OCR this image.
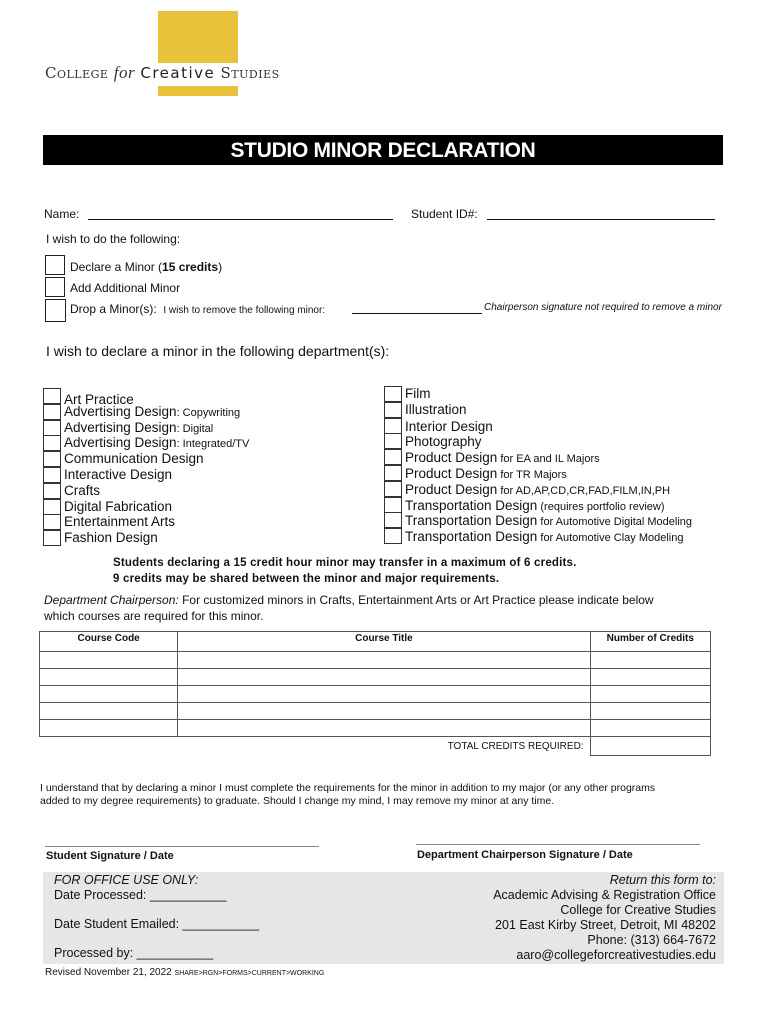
College for Creative Studies
STUDIO MINOR DECLARATION
Name:	Student ID#:
I wish to do the following:
Declare a Minor (15 credits)
Add Additional Minor
Drop a Minor(s): I wish to remove the following minor:	Chairperson signature not required to remove a minor
I wish to declare a minor in the following department(s):
Art Practice
Advertising Design: Copywriting
Advertising Design: Digital
Advertising Design: Integrated/TV
Communication Design
Interactive Design
Crafts
Digital Fabrication
Entertainment Arts
Fashion Design
Film
Illustration
Interior Design
Photography
Product Design for EA and IL Majors
Product Design for TR Majors
Product Design for AD,AP,CD,CR,FAD,FILM,IN,PH
Transportation Design (requires portfolio review)
Transportation Design for Automotive Digital Modeling
Transportation Design for Automotive Clay Modeling
Students declaring a 15 credit hour minor may transfer in a maximum of 6 credits.
9 credits may be shared between the minor and major requirements.
Department Chairperson: For customized minors in Crafts, Entertainment Arts or Art Practice please indicate below
which courses are required for this minor.
Course Code	Course Title	Number of Credits

TOTAL CREDITS REQUIRED:		
I understand that by declaring a minor I must complete the requirements for the minor in addition to my major (or any other programs
added to my degree requirements) to graduate. Should I change my mind, I may remove my minor at any time.
Student Signature / Date	Department Chairperson Signature / Date
FOR OFFICE USE ONLY:
Date Processed: ___________
Date Student Emailed: ___________
Processed by: ___________
Return this form to:
Academic Advising & Registration Office
College for Creative Studies
201 East Kirby Street, Detroit, MI 48202
Phone: (313) 664-7672
aaro@collegeforcreativestudies.edu
Revised November 21, 2022 SHARE>RGN>FORMS>CURRENT>WORKING
